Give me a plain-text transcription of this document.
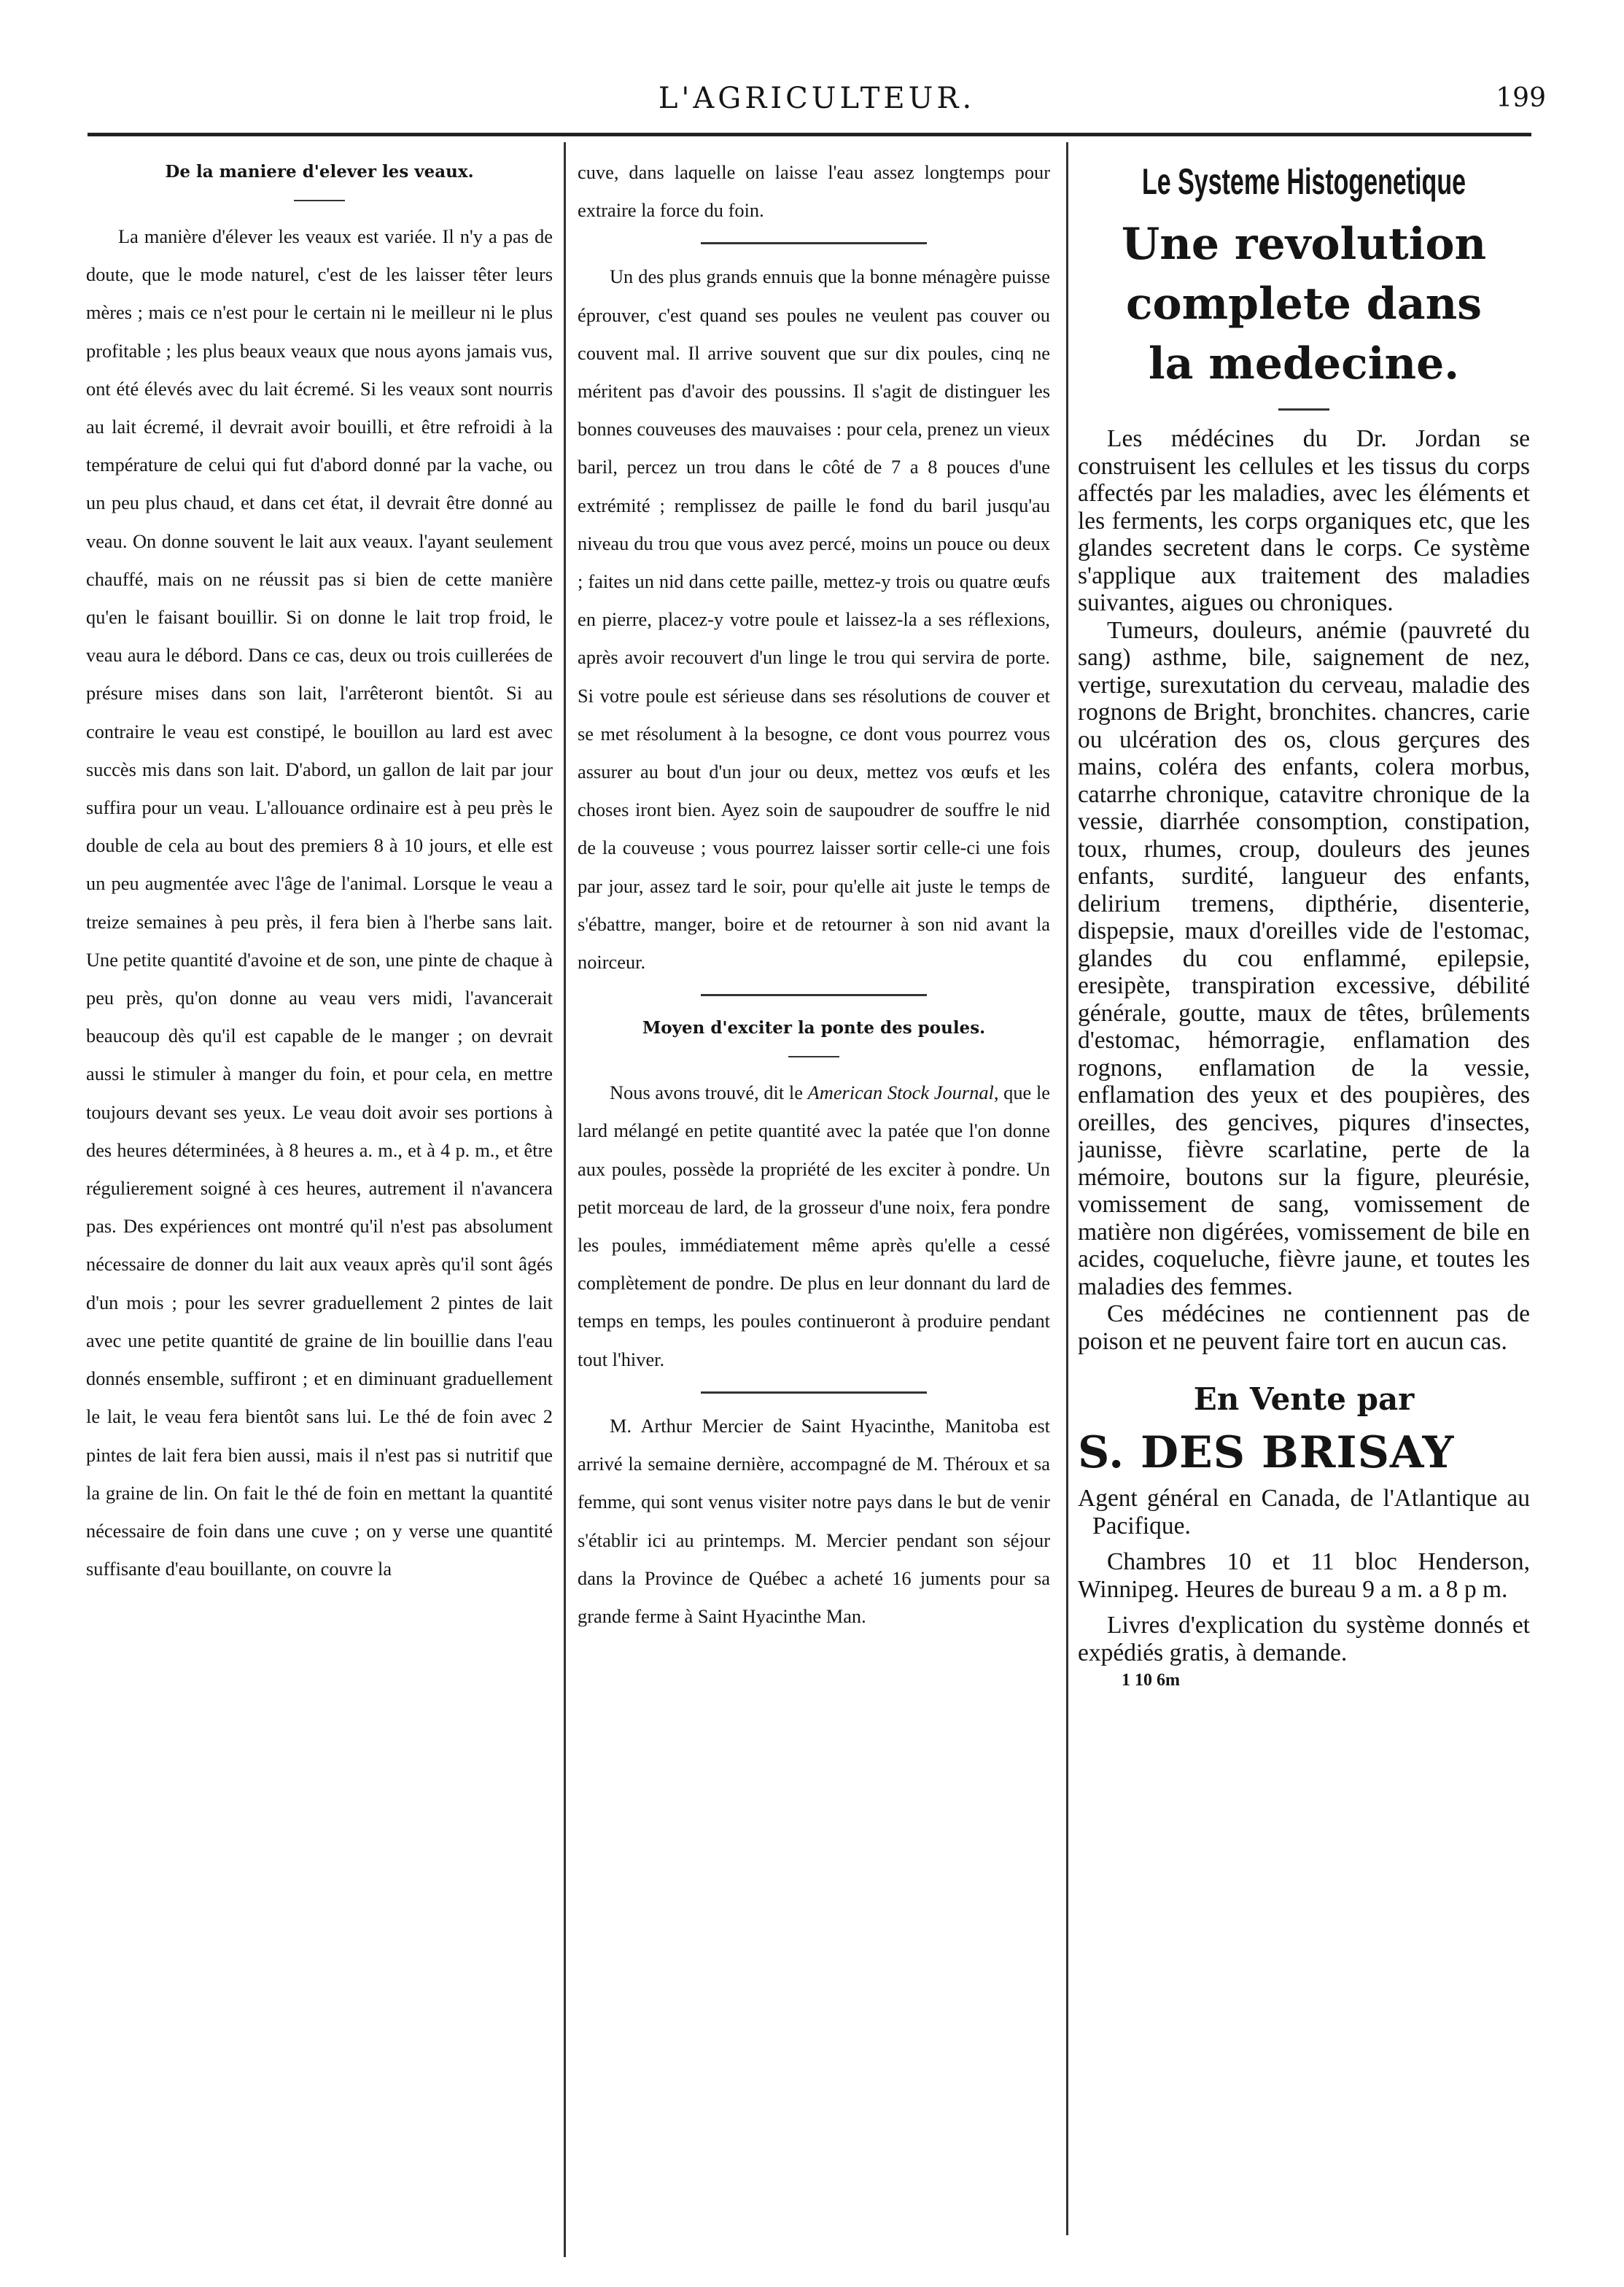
L'AGRICULTEUR.	199
De la maniere d'elever les veaux.

La manière d'élever les veaux est variée. Il n'y a pas de doute, que le mode naturel, c'est de les laisser têter leurs mères ; mais ce n'est pour le certain ni le meilleur ni le plus profitable ; les plus beaux veaux que nous ayons jamais vus, ont été élevés avec du lait écremé. Si les veaux sont nourris au lait écremé, il devrait avoir bouilli, et être refroidi à la température de celui qui fut d'abord donné par la vache, ou un peu plus chaud, et dans cet état, il devrait être donné au veau. On donne souvent le lait aux veaux. l'ayant seulement chauffé, mais on ne réussit pas si bien de cette manière qu'en le faisant bouillir. Si on donne le lait trop froid, le veau aura le débord. Dans ce cas, deux ou trois cuillerées de présure mises dans son lait, l'arrêteront bientôt. Si au contraire le veau est constipé, le bouillon au lard est avec succès mis dans son lait. D'abord, un gallon de lait par jour suffira pour un veau. L'allouance ordinaire est à peu près le double de cela au bout des premiers 8 à 10 jours, et elle est un peu augmentée avec l'âge de l'animal. Lorsque le veau a treize semaines à peu près, il fera bien à l'herbe sans lait. Une petite quantité d'avoine et de son, une pinte de chaque à peu près, qu'on donne au veau vers midi, l'avancerait beaucoup dès qu'il est capable de le manger ; on devrait aussi le stimuler à manger du foin, et pour cela, en mettre toujours devant ses yeux. Le veau doit avoir ses portions à des heures déterminées, à 8 heures a. m., et à 4 p. m., et être régulierement soigné à ces heures, autrement il n'avancera pas. Des expériences ont montré qu'il n'est pas absolument nécessaire de donner du lait aux veaux après qu'il sont âgés d'un mois ; pour les sevrer graduellement 2 pintes de lait avec une petite quantité de graine de lin bouillie dans l'eau donnés ensemble, suffiront ; et en diminuant graduellement le lait, le veau fera bientôt sans lui. Le thé de foin avec 2 pintes de lait fera bien aussi, mais il n'est pas si nutritif que la graine de lin. On fait le thé de foin en mettant la quantité nécessaire de foin dans une cuve ; on y verse une quantité suffisante d'eau bouillante, on couvre la

cuve, dans laquelle on laisse l'eau assez longtemps pour extraire la force du foin.

Un des plus grands ennuis que la bonne ménagère puisse éprouver, c'est quand ses poules ne veulent pas couver ou couvent mal. Il arrive souvent que sur dix poules, cinq ne méritent pas d'avoir des poussins. Il s'agit de distinguer les bonnes couveuses des mauvaises : pour cela, prenez un vieux baril, percez un trou dans le côté de 7 a 8 pouces d'une extrémité ; remplissez de paille le fond du baril jusqu'au niveau du trou que vous avez percé, moins un pouce ou deux ; faites un nid dans cette paille, mettez-y trois ou quatre œufs en pierre, placez-y votre poule et laissez-la a ses réflexions, après avoir recouvert d'un linge le trou qui servira de porte. Si votre poule est sérieuse dans ses résolutions de couver et se met résolument à la besogne, ce dont vous pourrez vous assurer au bout d'un jour ou deux, mettez vos œufs et les choses iront bien. Ayez soin de saupoudrer de souffre le nid de la couveuse ; vous pourrez laisser sortir celle-ci une fois par jour, assez tard le soir, pour qu'elle ait juste le temps de s'ébattre, manger, boire et de retourner à son nid avant la noirceur.

Moyen d'exciter la ponte des poules.

Nous avons trouvé, dit le American Stock Journal, que le lard mélangé en petite quantité avec la patée que l'on donne aux poules, possède la propriété de les exciter à pondre. Un petit morceau de lard, de la grosseur d'une noix, fera pondre les poules, immédiatement même après qu'elle a cessé complètement de pondre. De plus en leur donnant du lard de temps en temps, les poules continueront à produire pendant tout l'hiver.

M. Arthur Mercier de Saint Hyacinthe, Manitoba est arrivé la semaine dernière, accompagné de M. Théroux et sa femme, qui sont venus visiter notre pays dans le but de venir s'établir ici au printemps. M. Mercier pendant son séjour dans la Province de Québec a acheté 16 juments pour sa grande ferme à Saint Hyacinthe Man.

Le Systeme Histogenetique
Une revolution
complete dans
la medecine.

Les médécines du Dr. Jordan se construisent les cellules et les tissus du corps affectés par les maladies, avec les éléments et les ferments, les corps organiques etc, que les glandes secretent dans le corps. Ce système s'applique aux traitement des maladies suivantes, aigues ou chroniques.

Tumeurs, douleurs, anémie (pauvreté du sang) asthme, bile, saignement de nez, vertige, surexutation du cerveau, maladie des rognons de Bright, bronchites. chancres, carie ou ulcération des os, clous gerçures des mains, coléra des enfants, colera morbus, catarrhe chronique, catavitre chronique de la vessie, diarrhée consomption, constipation, toux, rhumes, croup, douleurs des jeunes enfants, surdité, langueur des enfants, delirium tremens, dipthérie, disenterie, dispepsie, maux d'oreilles vide de l'estomac, glandes du cou enflammé, epilepsie, eresipète, transpiration excessive, débilité générale, goutte, maux de têtes, brûlements d'estomac, hémorragie, enflamation des rognons, enflamation de la vessie, enflamation des yeux et des poupières, des oreilles, des gencives, piqures d'insectes, jaunisse, fièvre scarlatine, perte de la mémoire, boutons sur la figure, pleurésie, vomissement de sang, vomissement de matière non digérées, vomissement de bile en acides, coqueluche, fièvre jaune, et toutes les maladies des femmes.

Ces médécines ne contiennent pas de poison et ne peuvent faire tort en aucun cas.

En Vente par
S. DES BRISAY

Agent général en Canada, de l'Atlantique au Pacifique.

Chambres 10 et 11 bloc Henderson, Winnipeg. Heures de bureau 9 a m. a 8 p m.

Livres d'explication du système donnés et expédiés gratis, à demande.

1 10 6m
